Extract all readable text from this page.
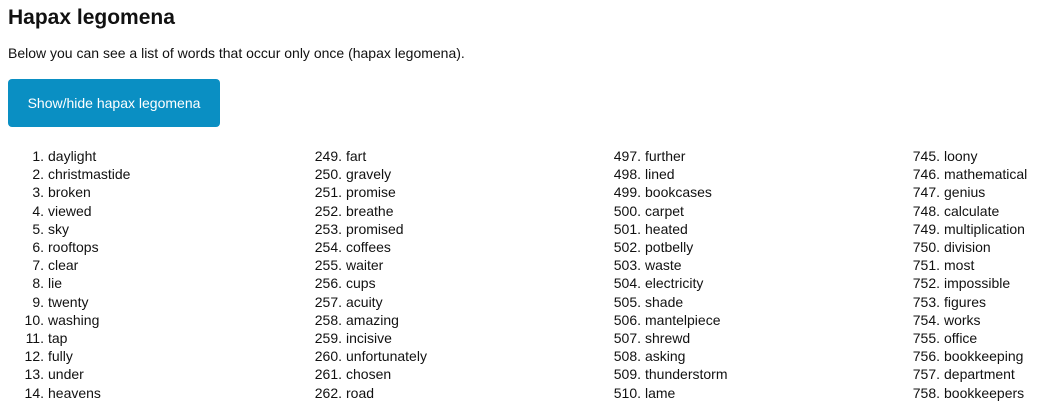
Hapax legomena

Below you can see a list of words that occur only once (hapax legomena).

Show/hide hapax legomena
1. daylight
2. christmastide
3. broken
4. viewed
5. sky
6. rooftops
7. clear
8. lie
9. twenty
10. washing
11. tap
12. fully
13. under
14. heavens
249. fart
250. gravely
251. promise
252. breathe
253. promised
254. coffees
255. waiter
256. cups
257. acuity
258. amazing
259. incisive
260. unfortunately
261. chosen
262. road
497. further
498. lined
499. bookcases
500. carpet
501. heated
502. potbelly
503. waste
504. electricity
505. shade
506. mantelpiece
507. shrewd
508. asking
509. thunderstorm
510. lame
745. loony
746. mathematical
747. genius
748. calculate
749. multiplication
750. division
751. most
752. impossible
753. figures
754. works
755. office
756. bookkeeping
757. department
758. bookkeepers
